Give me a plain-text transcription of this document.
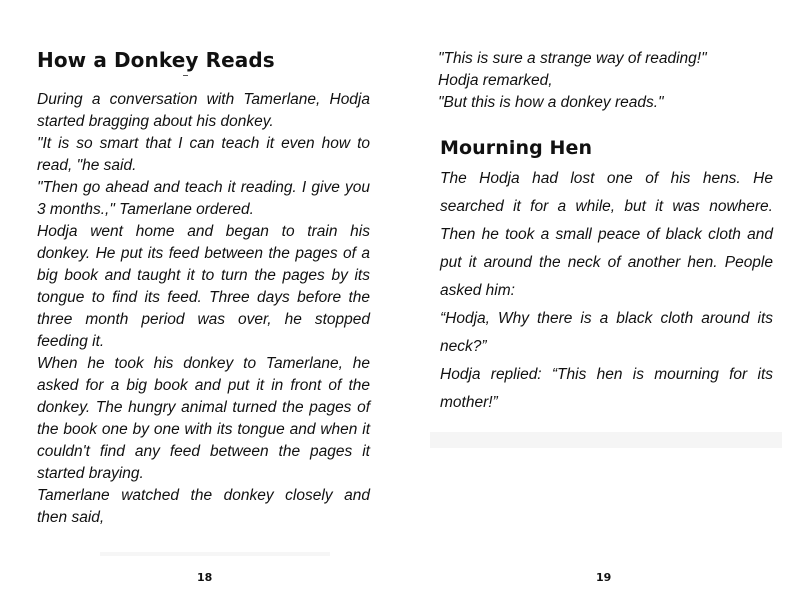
How a Donkey Reads
During a conversation with Tamerlane, Hodja
started bragging about his donkey.
"It is so smart that I can teach it even how to
read, "he said.
"Then go ahead and teach it reading. I give you
3 months.," Tamerlane ordered.
Hodja went home and began to train his
donkey. He put its feed between the pages of a
big book and taught it to turn the pages by its
tongue to find its feed. Three days before the
three month period was over, he stopped
feeding it.
When he took his donkey to Tamerlane, he
asked for a big book and put it in front of the
donkey. The hungry animal turned the pages of
the book one by one with its tongue and when it
couldn't find any feed between the pages it
started braying.
Tamerlane watched the donkey closely and
then said,
18
"This is sure a strange way of reading!"
Hodja remarked,
"But this is how a donkey reads."
Mourning Hen
The Hodja had lost one of his hens. He
searched it for a while, but it was nowhere.
Then he took a small peace of black cloth and
put it around the neck of another hen. People
asked him:
“Hodja, Why there is a black cloth around its
neck?”
Hodja replied: “This hen is mourning for its
mother!”
19
